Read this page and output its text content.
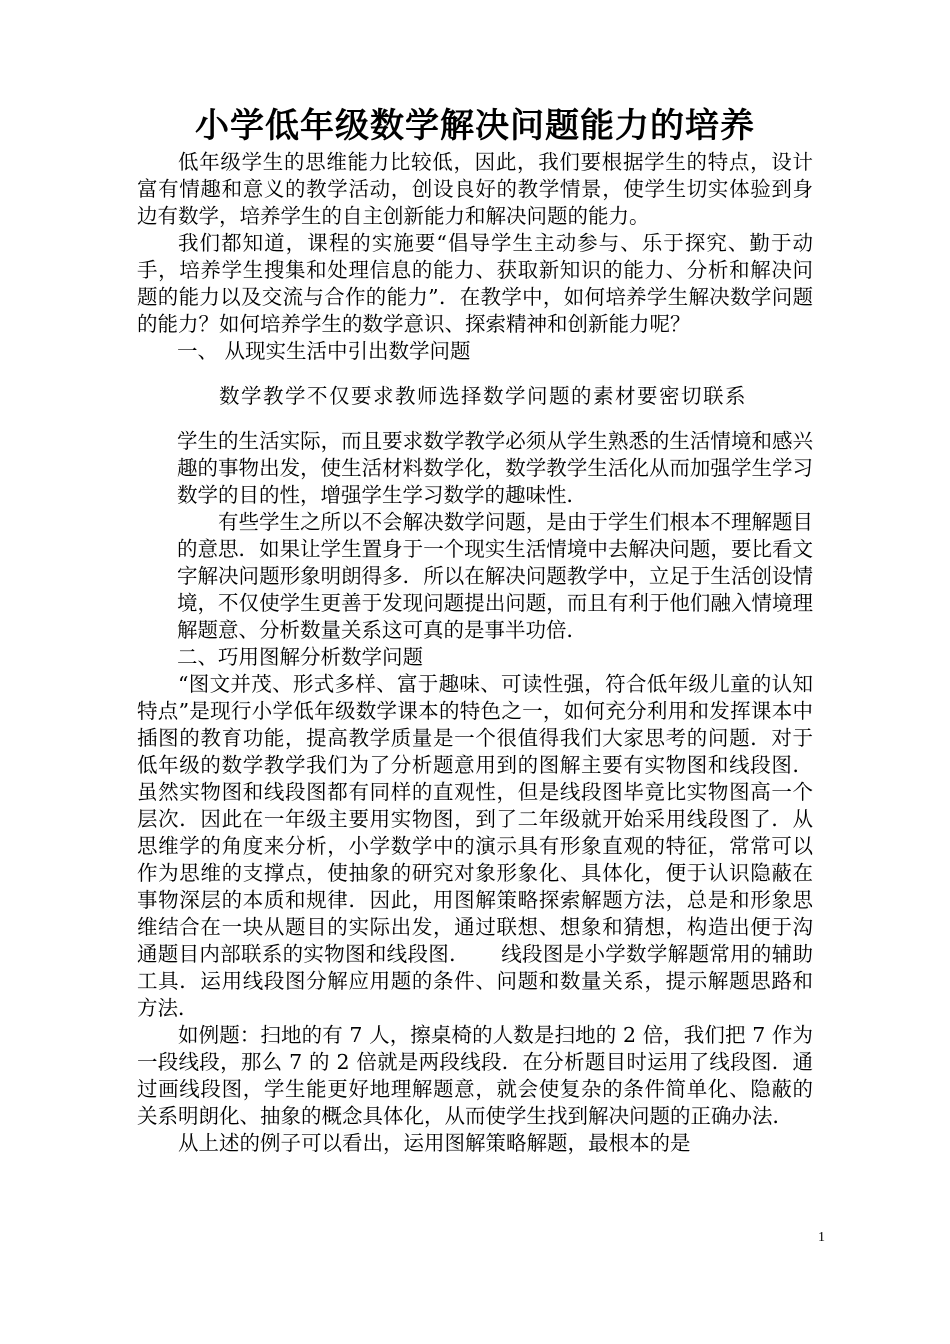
小学低年级数学解决问题能力的培养

低年级学生的思维能力比较低，因此，我们要根据学生的特点，设计富有情趣和意义的教学活动，创设良好的教学情景，使学生切实体验到身边有数学，培养学生的自主创新能力和解决问题的能力。

我们都知道，课程的实施要“倡导学生主动参与、乐于探究、勤于动手，培养学生搜集和处理信息的能力、获取新知识的能力、分析和解决问题的能力以及交流与合作的能力”．在教学中，如何培养学生解决数学问题的能力？如何培养学生的数学意识、探索精神和创新能力呢？

一、 从现实生活中引出数学问题

数学教学不仅要求教师选择数学问题的素材要密切联系

学生的生活实际，而且要求数学教学必须从学生熟悉的生活情境和感兴趣的事物出发，使生活材料数学化，数学教学生活化从而加强学生学习数学的目的性，增强学生学习数学的趣味性．

有些学生之所以不会解决数学问题，是由于学生们根本不理解题目的意思．如果让学生置身于一个现实生活情境中去解决问题，要比看文字解决问题形象明朗得多．所以在解决问题教学中，立足于生活创设情境，不仅使学生更善于发现问题提出问题，而且有利于他们融入情境理解题意、分析数量关系这可真的是事半功倍．

二、巧用图解分析数学问题

“图文并茂、形式多样、富于趣味、可读性强，符合低年级儿童的认知特点”是现行小学低年级数学课本的特色之一，如何充分利用和发挥课本中插图的教育功能，提高教学质量是一个很值得我们大家思考的问题．对于低年级的数学教学我们为了分析题意用到的图解主要有实物图和线段图．虽然实物图和线段图都有同样的直观性，但是线段图毕竟比实物图高一个层次．因此在一年级主要用实物图，到了二年级就开始采用线段图了．从思维学的角度来分析，小学数学中的演示具有形象直观的特征，常常可以作为思维的支撑点，使抽象的研究对象形象化、具体化，便于认识隐蔽在事物深层的本质和规律．因此，用图解策略探索解题方法，总是和形象思维结合在一块从题目的实际出发，通过联想、想象和猜想，构造出便于沟通题目内部联系的实物图和线段图．　　线段图是小学数学解题常用的辅助工具．运用线段图分解应用题的条件、问题和数量关系，提示解题思路和方法．

如例题：扫地的有 7 人，擦桌椅的人数是扫地的 2 倍，我们把 7 作为一段线段，那么 7 的 2 倍就是两段线段．在分析题目时运用了线段图．通过画线段图，学生能更好地理解题意，就会使复杂的条件简单化、隐蔽的关系明朗化、抽象的概念具体化，从而使学生找到解决问题的正确办法．

从上述的例子可以看出，运用图解策略解题，最根本的是

1
